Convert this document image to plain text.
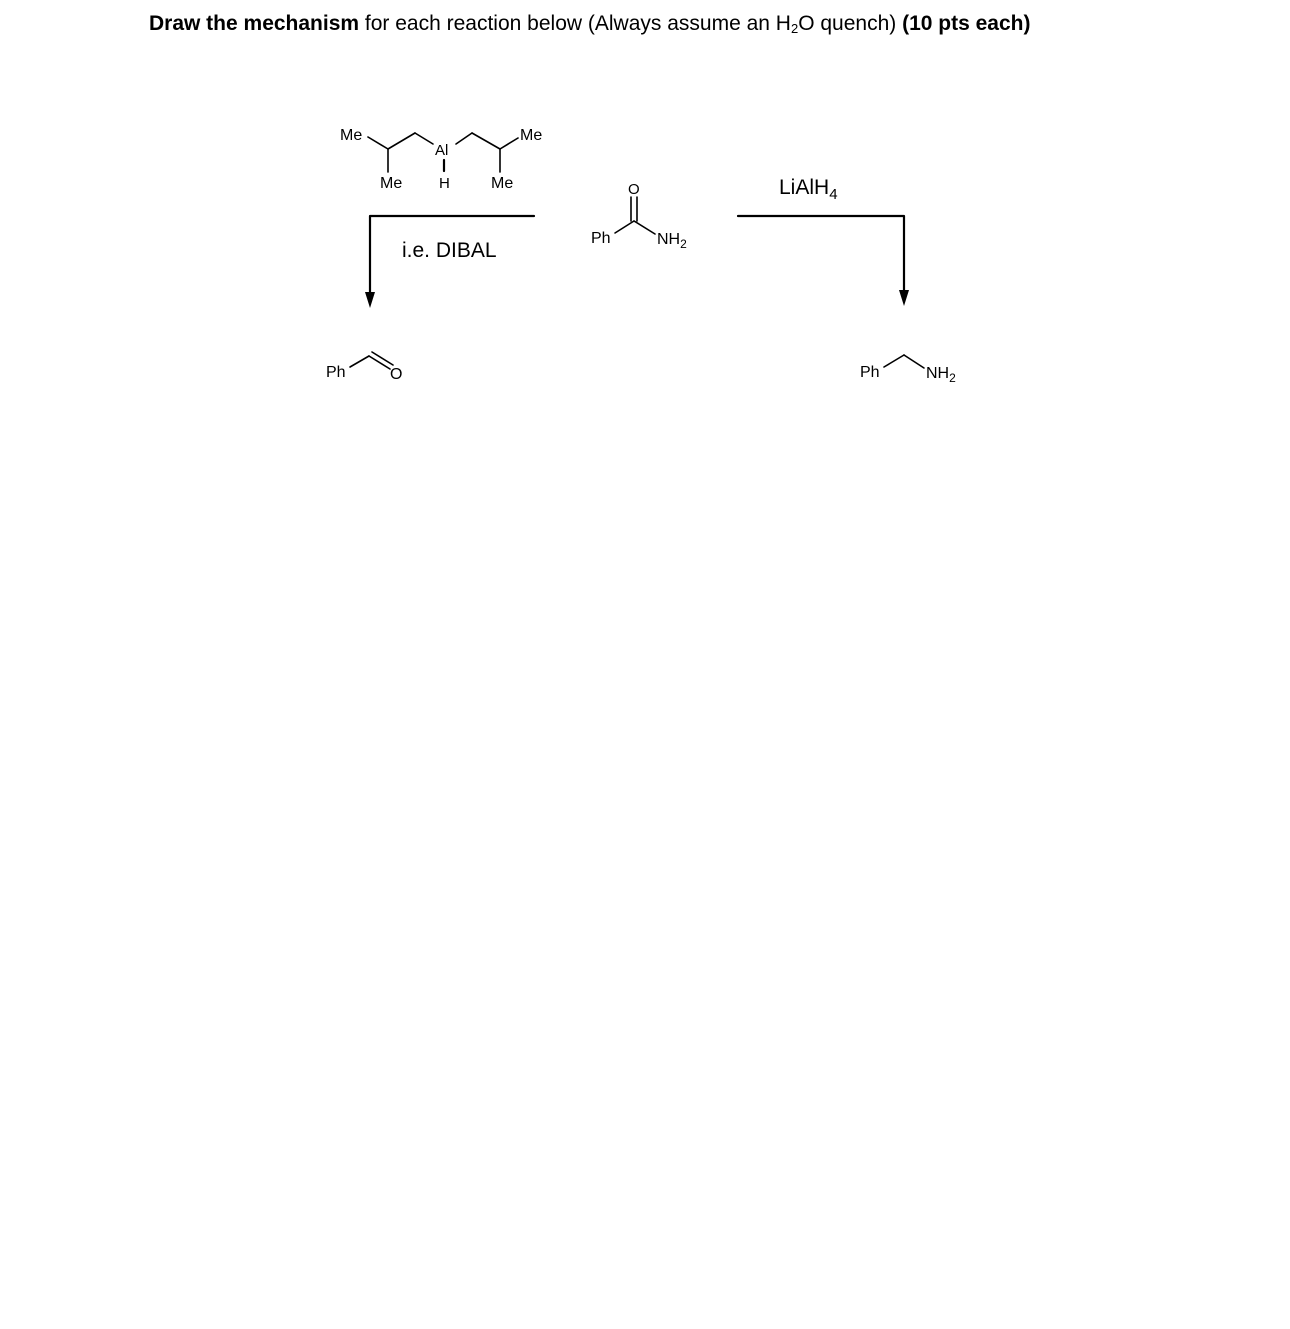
Draw the mechanism for each reaction below (Always assume an $H_2O$ quench) (10 pts each)
Me	Me
Me	Me
Al
H
i.e. DIBAL
O
Ph	$NH_2$
LiAlH$_4$
Ph	O	Ph	$NH_2$
